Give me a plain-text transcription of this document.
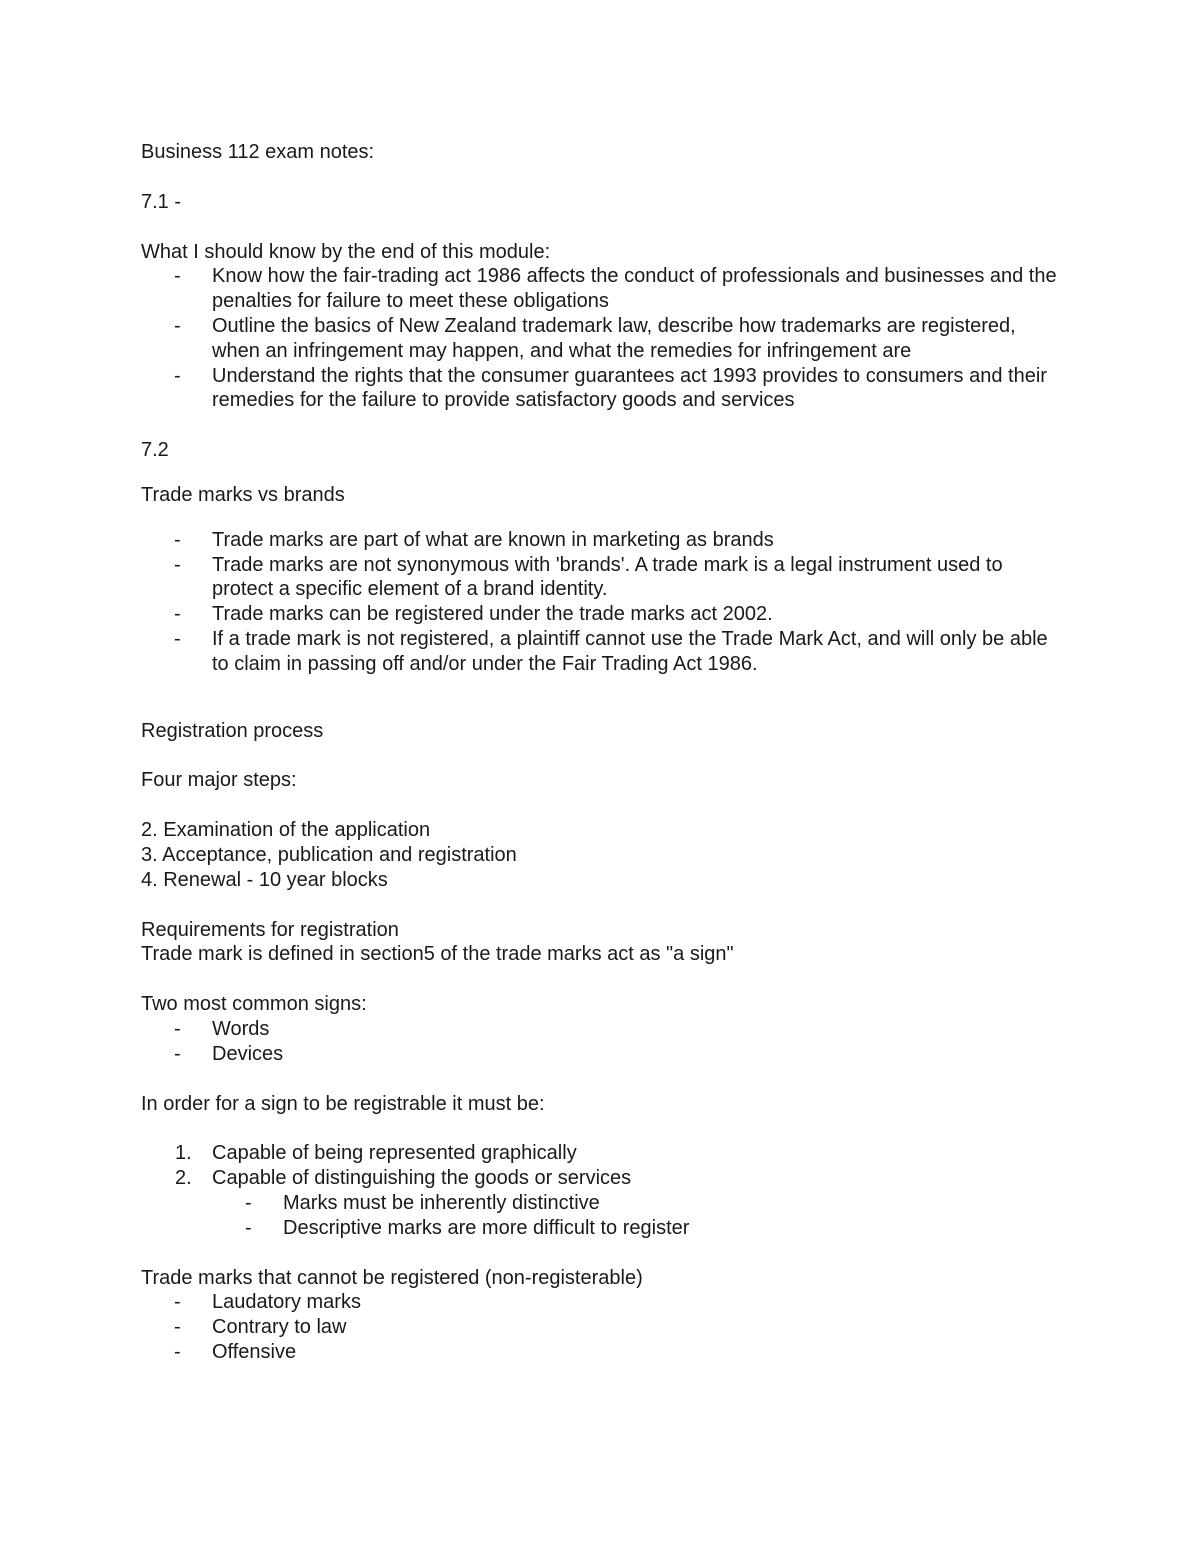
Business 112 exam notes:

7.1 -

What I should know by the end of this module:

- Know how the fair-trading act 1986 affects the conduct of professionals and businesses and the penalties for failure to meet these obligations
- Outline the basics of New Zealand trademark law, describe how trademarks are registered, when an infringement may happen, and what the remedies for infringement are
- Understand the rights that the consumer guarantees act 1993 provides to consumers and their remedies for the failure to provide satisfactory goods and services

7.2

Trade marks vs brands

- Trade marks are part of what are known in marketing as brands
- Trade marks are not synonymous with 'brands'. A trade mark is a legal instrument used to protect a specific element of a brand identity.
- Trade marks can be registered under the trade marks act 2002.
- If a trade mark is not registered, a plaintiff cannot use the Trade Mark Act, and will only be able to claim in passing off and/or under the Fair Trading Act 1986.

Registration process

Four major steps:

2. Examination of the application

3. Acceptance, publication and registration

4. Renewal - 10 year blocks

Requirements for registration

Trade mark is defined in section5 of the trade marks act as "a sign"

Two most common signs:

- Words
- Devices

In order for a sign to be registrable it must be:

1. Capable of being represented graphically
2. Capable of distinguishing the goods or services
- Marks must be inherently distinctive
- Descriptive marks are more difficult to register

Trade marks that cannot be registered (non-registerable)

- Laudatory marks
- Contrary to law
- Offensive
